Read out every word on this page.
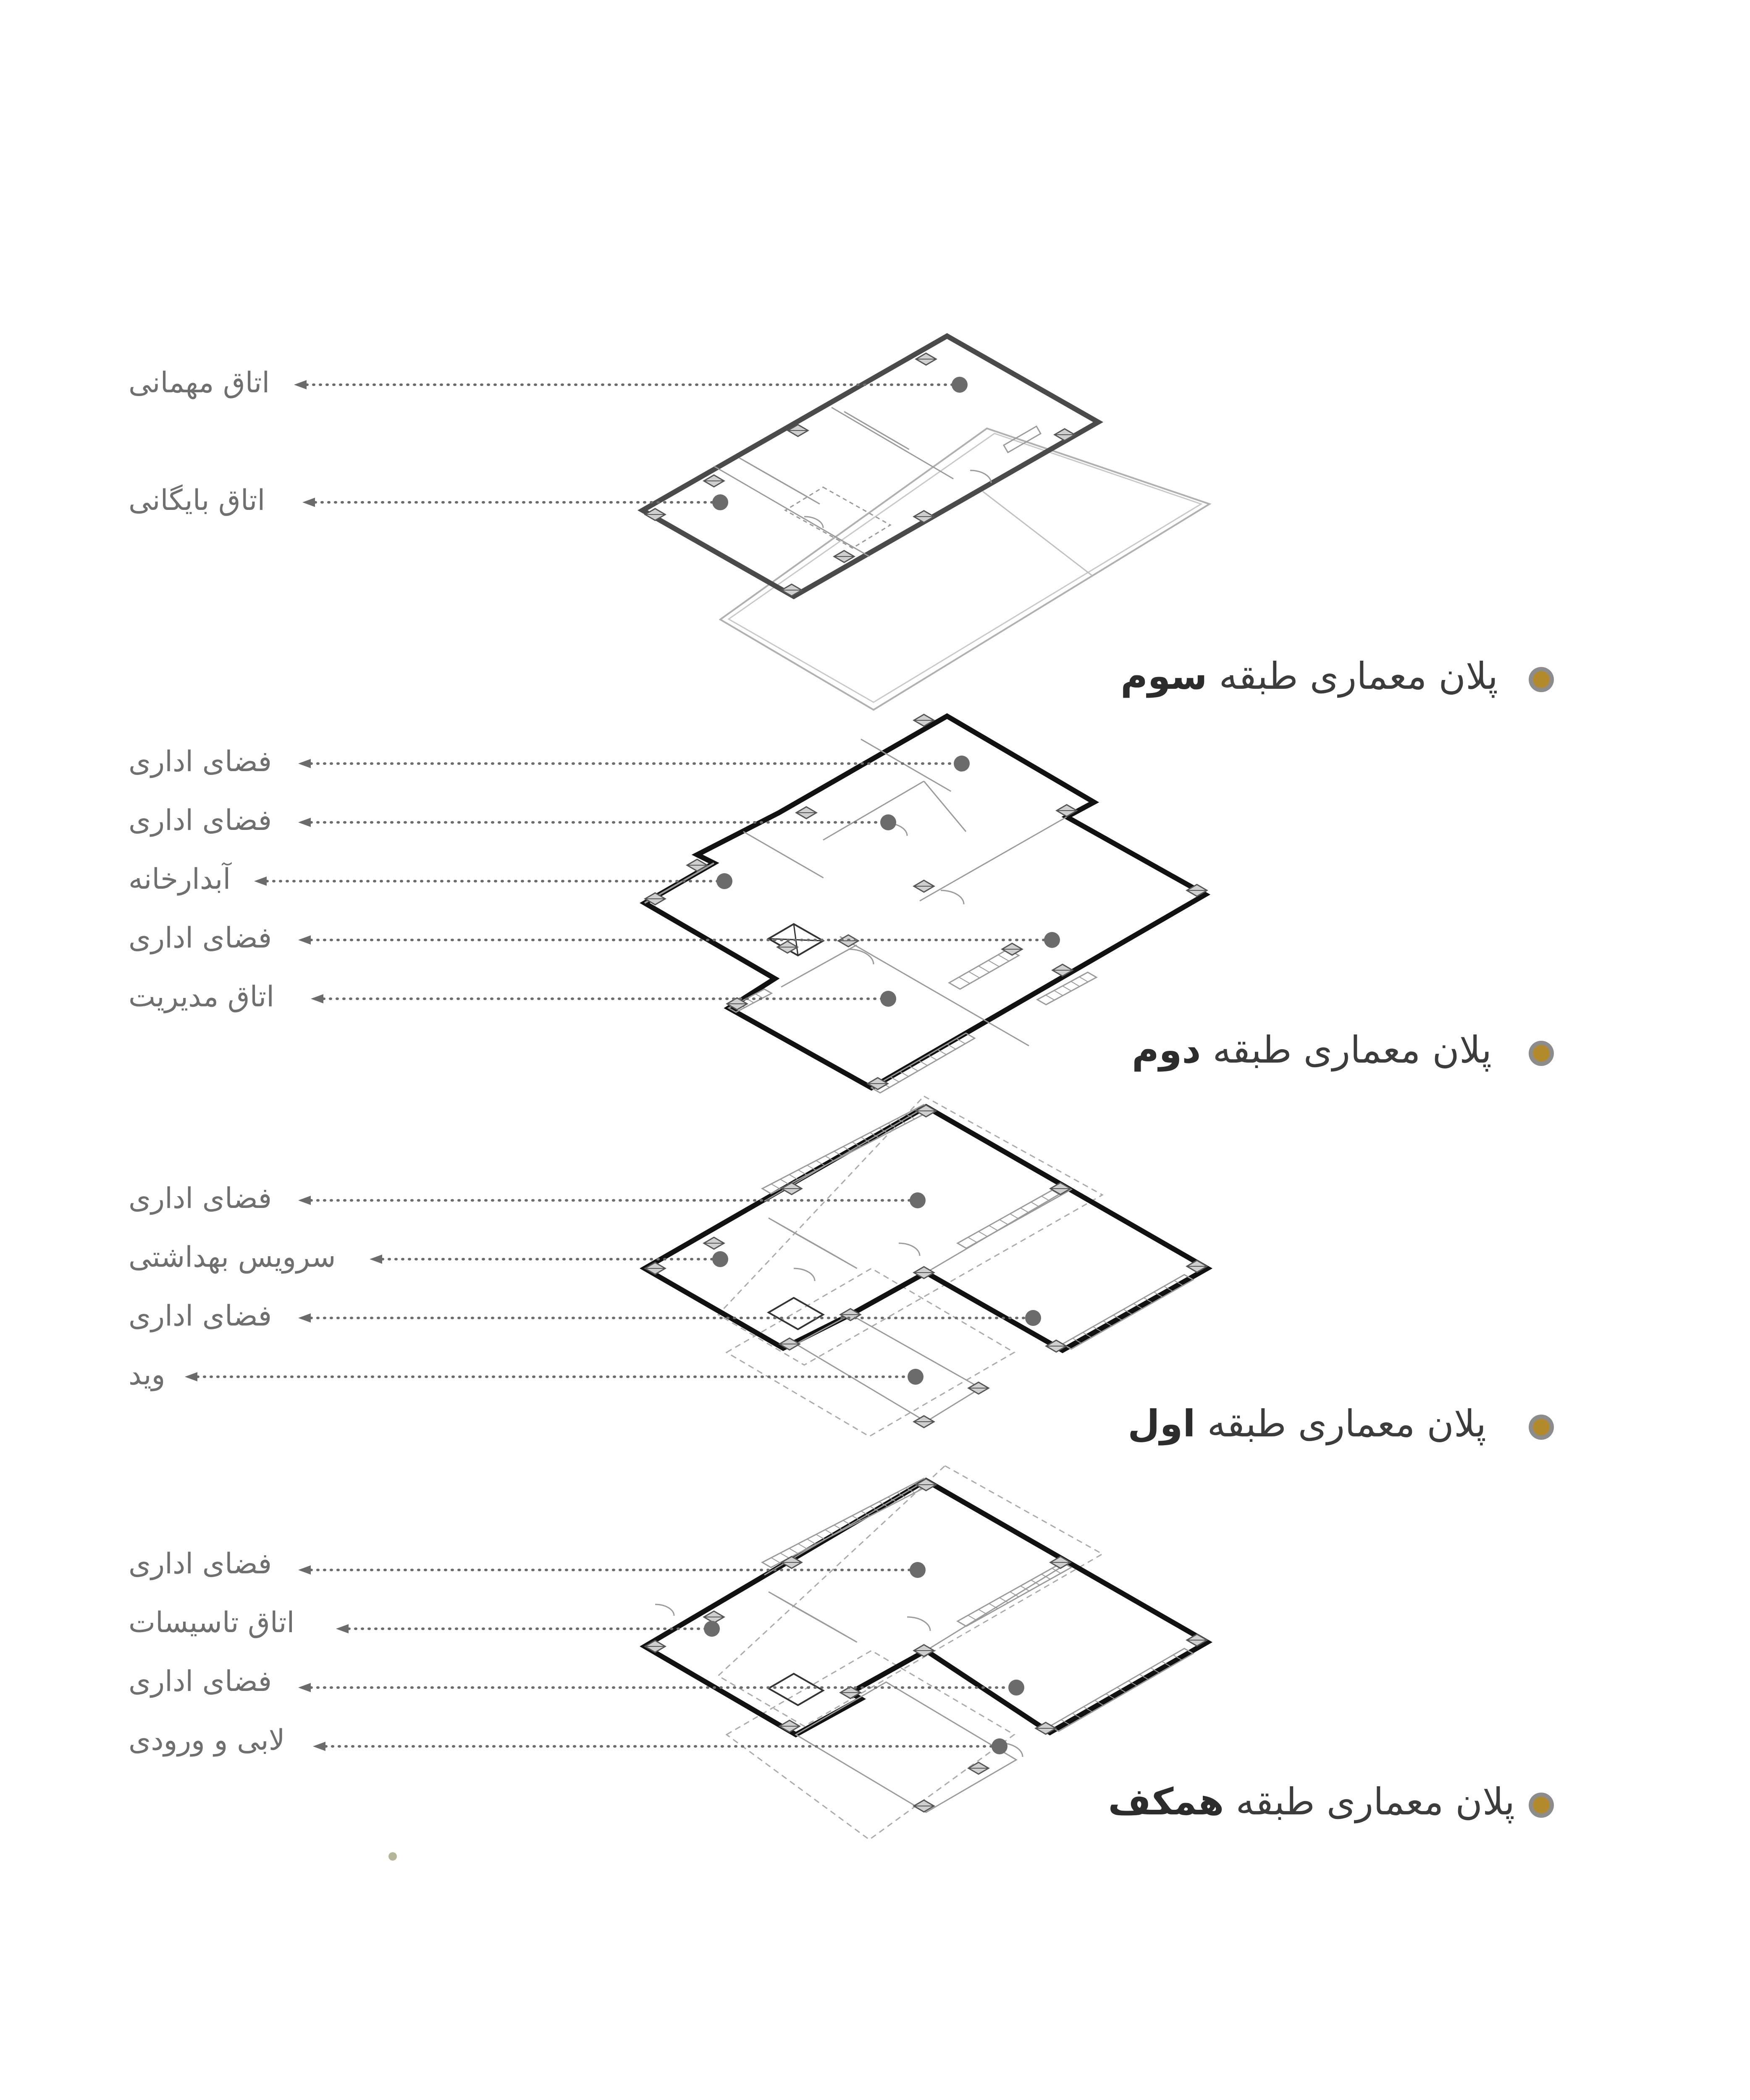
اتاق مهمانی
اتاق بایگانی
فضای اداری
فضای اداری
آبدارخانه
فضای اداری
اتاق مدیریت
فضای اداری
سرویس بهداشتی
فضای اداری
وید
فضای اداری
اتاق تاسیسات
فضای اداری
لابی و ورودی
پلان معماری طبقه سوم
پلان معماری طبقه دوم
پلان معماری طبقه اول
پلان معماری طبقه همکف
